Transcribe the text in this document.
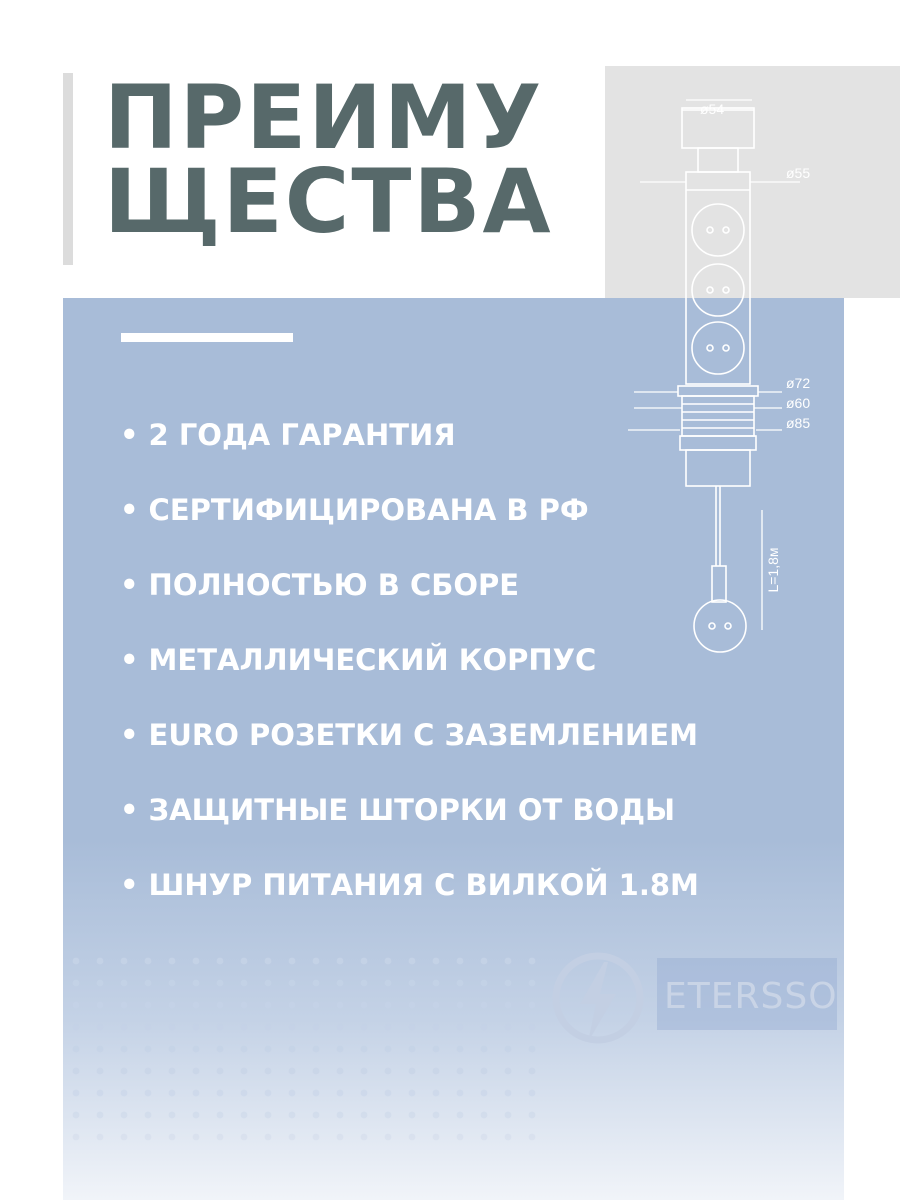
ПРЕИМУ
ЩЕСТВА
• 2 ГОДА ГАРАНТИЯ
• СЕРТИФИЦИРОВАНА В РФ
• ПОЛНОСТЬЮ В СБОРЕ
• МЕТАЛЛИЧЕСКИЙ КОРПУС
• EURO РОЗЕТКИ С ЗАЗЕМЛЕНИЕМ
• ЗАЩИТНЫЕ ШТОРКИ ОТ ВОДЫ
• ШНУР ПИТАНИЯ С ВИЛКОЙ 1.8М
ø54
ø55
ø72
ø60
ø85
L=1,8м
ETERSSO
